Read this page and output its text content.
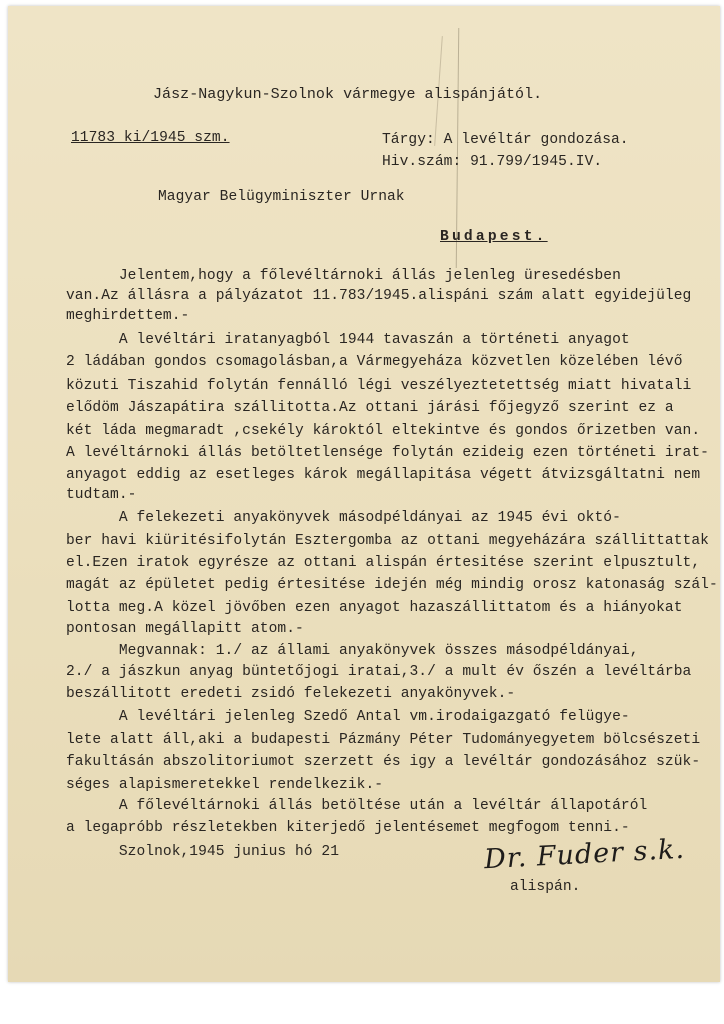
Jász-Nagykun-Szolnok vármegye alispánjától.
11783 ki/1945 szm.	Tárgy: A levéltár gondozása.
Hiv.szám: 91.799/1945.IV.
Magyar Belügyminiszter Urnak
Budapest.
Jelentem,hogy a főlevéltárnoki állás jelenleg üresedésben
van.Az állásra a pályázatot 11.783/1945.alispáni szám alatt egyidejüleg
meghirdettem.-
A levéltári iratanyagból 1944 tavaszán a történeti anyagot
2 ládában gondos csomagolásban,a Vármegyeháza közvetlen közelében lévő
közuti Tiszahid folytán fennálló légi veszélyeztetettség miatt hivatali
elődöm Jászapátira szállitotta.Az ottani járási főjegyző szerint ez a
két láda megmaradt ,csekély károktól eltekintve és gondos őrizetben van.
A levéltárnoki állás betöltetlensége folytán ezideig ezen történeti irat-
anyagot eddig az esetleges károk megállapitása végett átvizsgáltatni nem
tudtam.-
A felekezeti anyakönyvek másodpéldányai az 1945 évi októ-
ber havi kiüritésifolytán Esztergomba az ottani megyeházára szállittattak
el.Ezen iratok egyrésze az ottani alispán értesitése szerint elpusztult,
magát az épületet pedig értesitése idején még mindig orosz katonaság szál-
lotta meg.A közel jövőben ezen anyagot hazaszállittatom és a hiányokat
pontosan megállapitt atom.-
Megvannak: 1./ az állami anyakönyvek összes másodpéldányai,
2./ a jászkun anyag büntetőjogi iratai,3./ a mult év őszén a levéltárba
beszállitott eredeti zsidó felekezeti anyakönyvek.-
A levéltári jelenleg Szedő Antal vm.irodaigazgató felügye-
lete alatt áll,aki a budapesti Pázmány Péter Tudományegyetem bölcsészeti
fakultásán abszolitoriumot szerzett és igy a levéltár gondozásához szük-
séges alapismeretekkel rendelkezik.-
A főlevéltárnoki állás betöltése után a levéltár állapotáról
a legapróbb részletekben kiterjedő jelentésemet megfogom tenni.-
Szolnok,1945 junius hó 21	Dr. Fuder s.k.
alispán.
